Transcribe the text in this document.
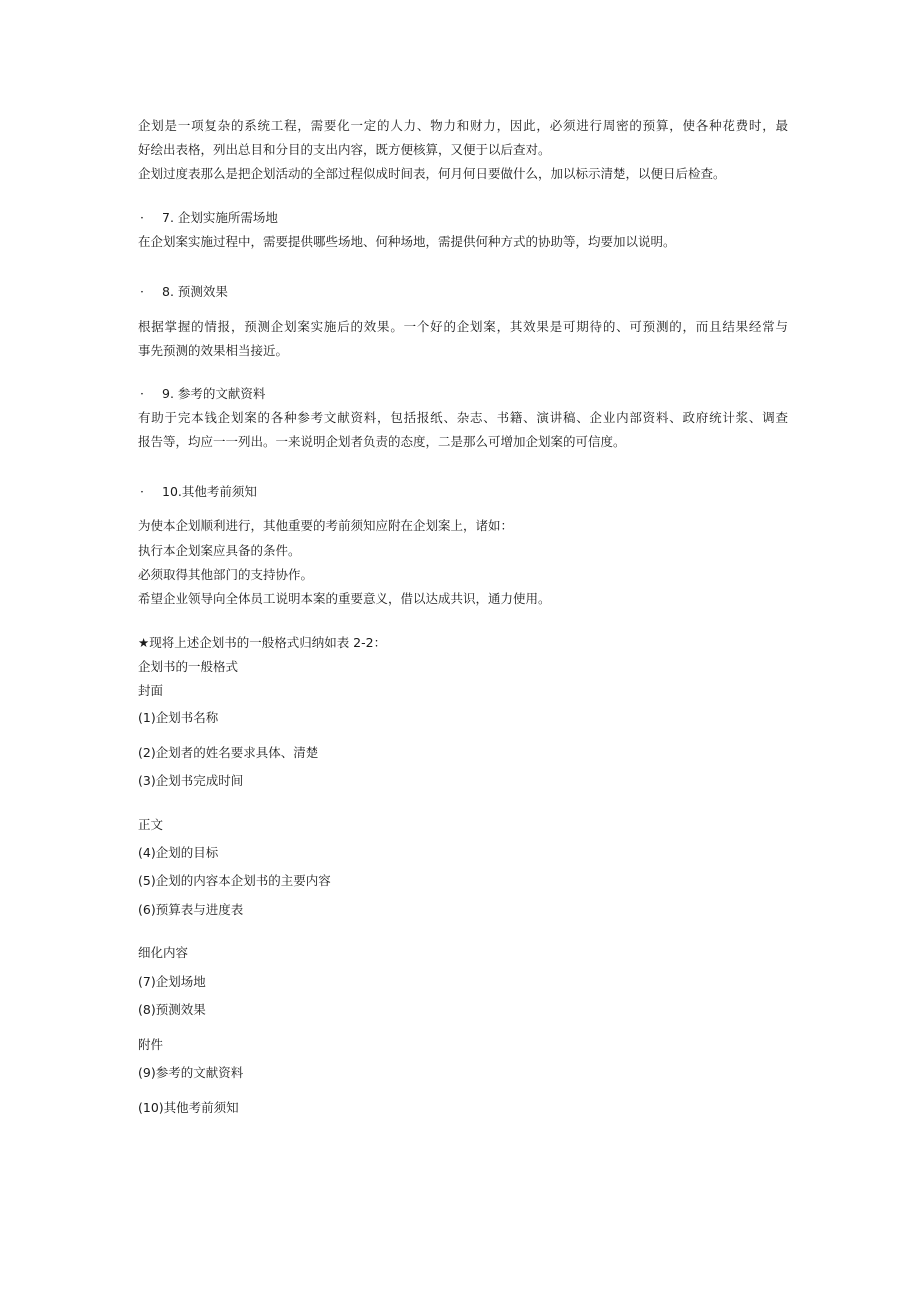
企划是一项复杂的系统工程，需要化一定的人力、物力和财力，因此，必须进行周密的预算，使各种花费时，最
好绘出表格，列出总目和分目的支出内容，既方便核算，又便于以后查对。
企划过度表那么是把企划活动的全部过程似成时间表，何月何日要做什么，加以标示清楚，以便日后检查。
· 7. 企划实施所需场地
在企划案实施过程中，需要提供哪些场地、何种场地，需提供何种方式的协助等，均要加以说明。
· 8. 预测效果
根据掌握的情报，预测企划案实施后的效果。一个好的企划案，其效果是可期待的、可预测的，而且结果经常与
事先预测的效果相当接近。
· 9. 参考的文献资料
有助于完本钱企划案的各种参考文献资料，包括报纸、杂志、书籍、演讲稿、企业内部资料、政府统计浆、调查
报告等，均应一一列出。一来说明企划者负责的态度，二是那么可增加企划案的可信度。
· 10.其他考前须知
为使本企划顺利进行，其他重要的考前须知应附在企划案上，诸如：
执行本企划案应具备的条件。
必须取得其他部门的支持协作。
希望企业领导向全体员工说明本案的重要意义，借以达成共识，通力使用。
★现将上述企划书的一般格式归纳如表 2-2：
企划书的一般格式
封面
(1)企划书名称
(2)企划者的姓名要求具体、清楚
(3)企划书完成时间
正文
(4)企划的目标
(5)企划的内容本企划书的主要内容
(6)预算表与进度表
细化内容
(7)企划场地
(8)预测效果
附件
(9)参考的文献资料
(10)其他考前须知
